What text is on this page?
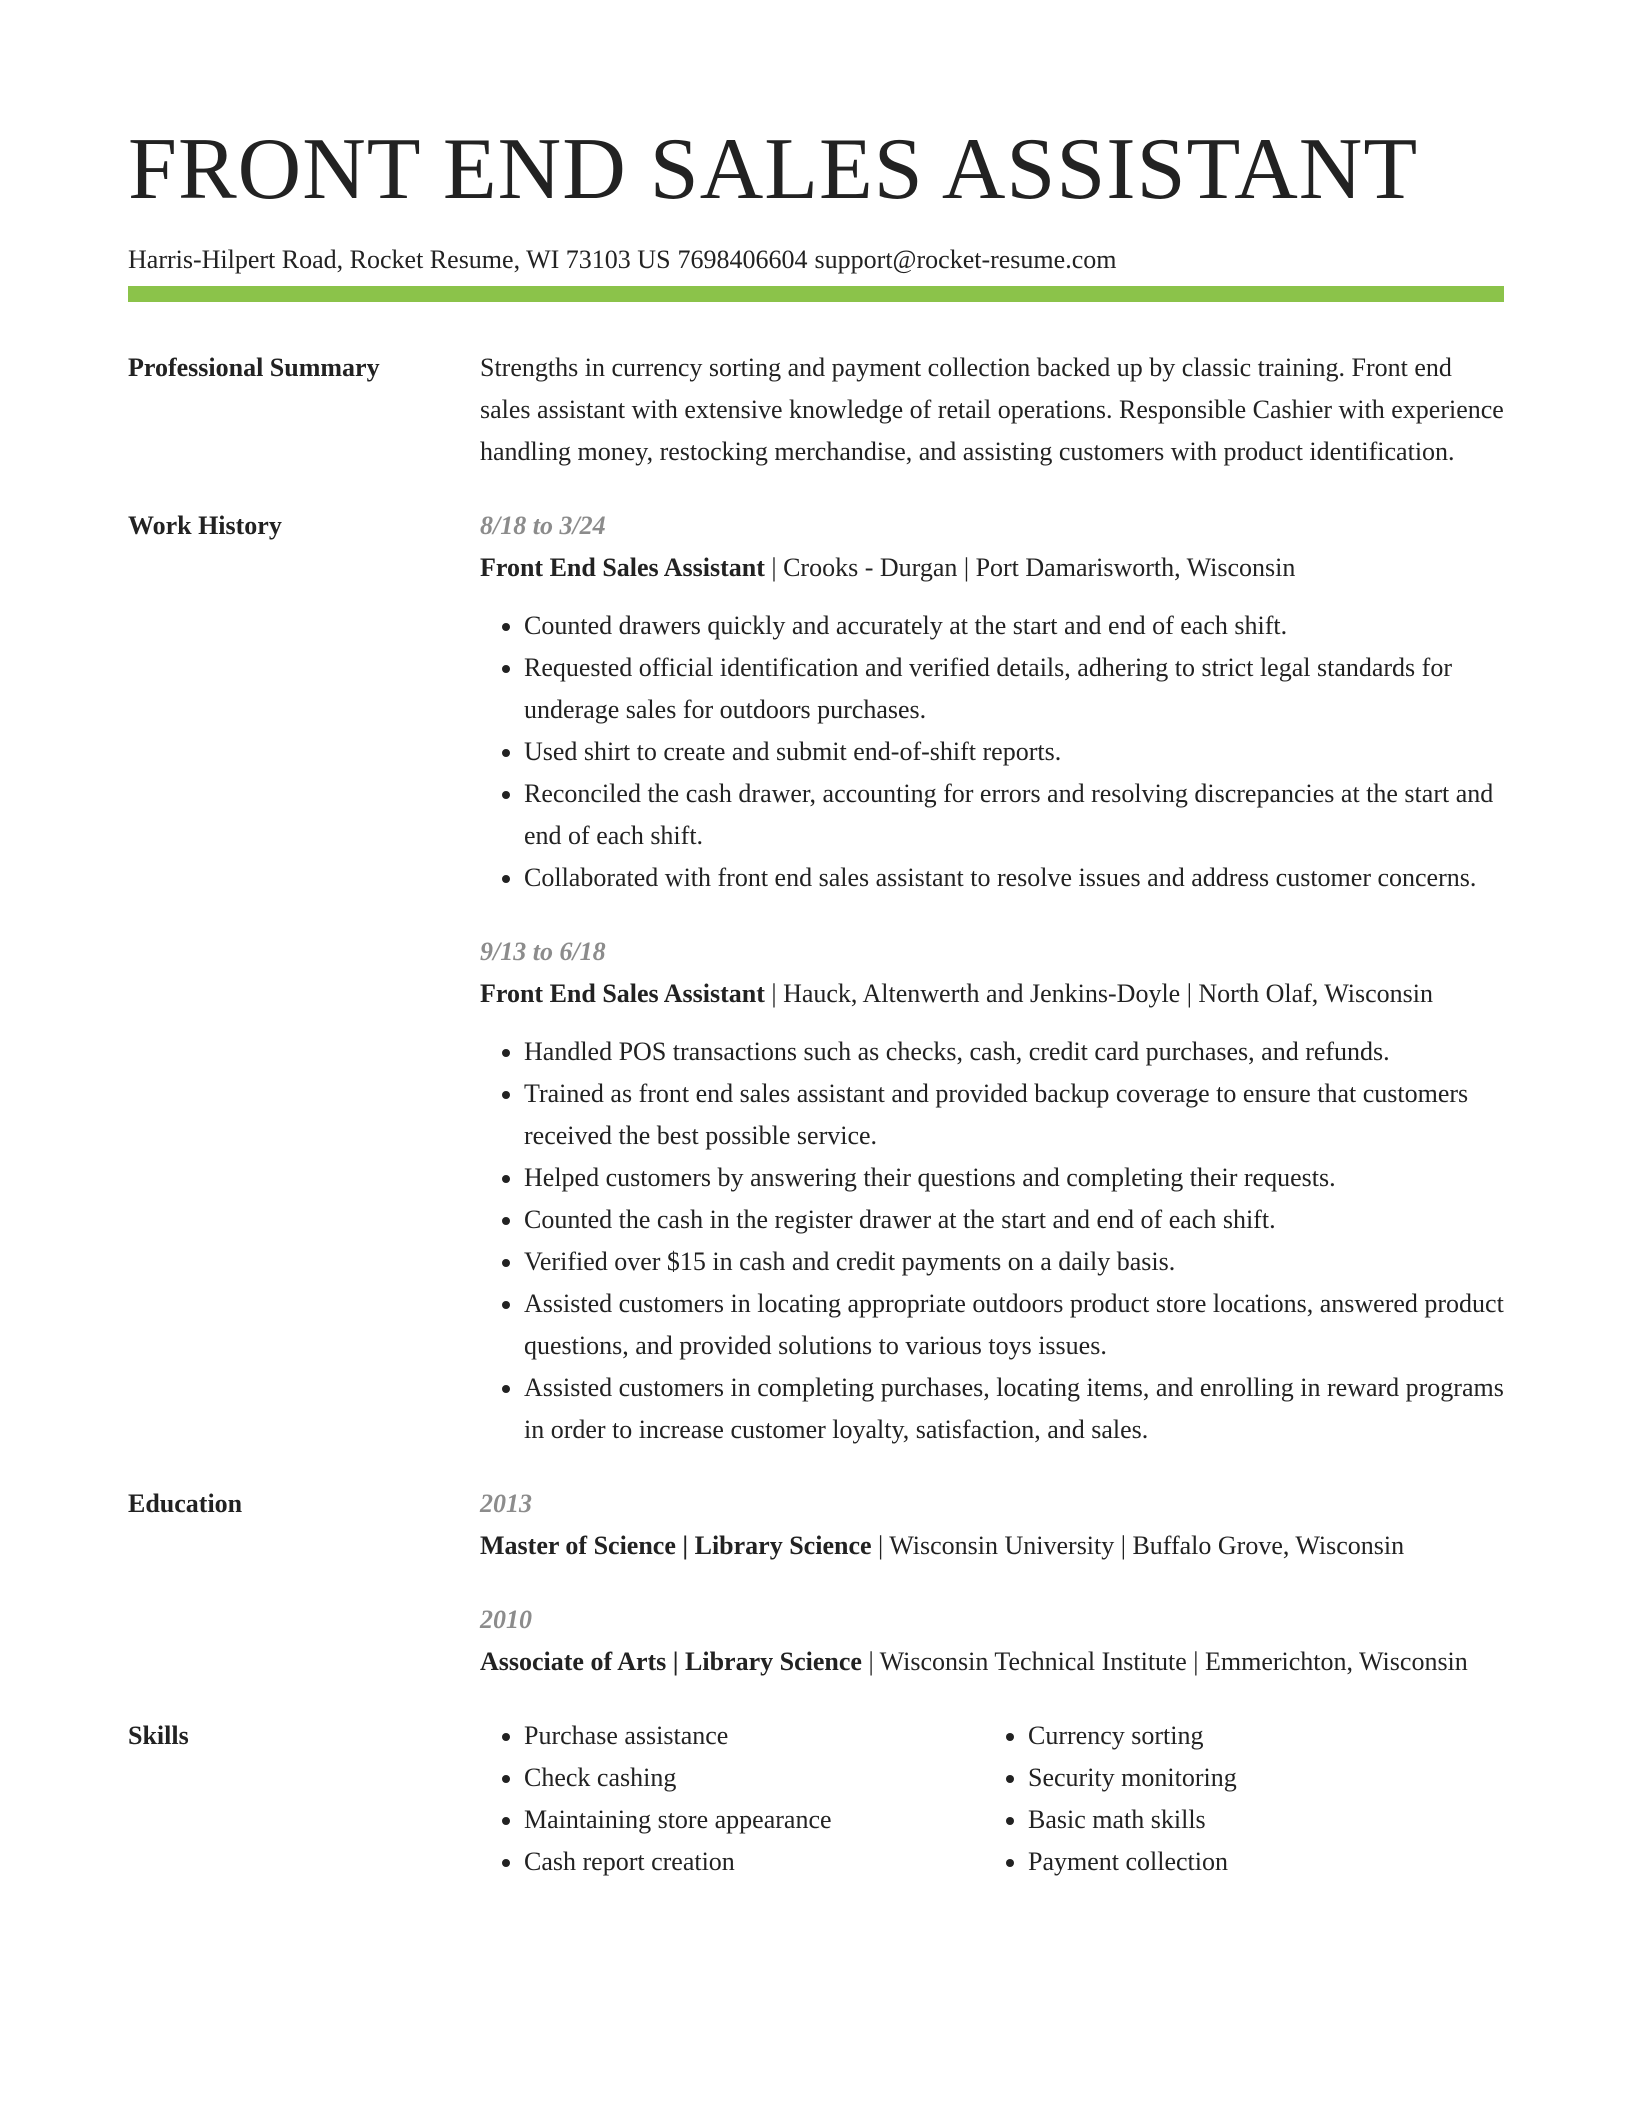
FRONT END SALES ASSISTANT
Harris-Hilpert Road, Rocket Resume, WI 73103 US 7698406604 support@rocket-resume.com
Professional Summary	Strengths in currency sorting and payment collection backed up by classic training. Front end sales assistant with extensive knowledge of retail operations. Responsible Cashier with experience handling money, restocking merchandise, and assisting customers with product identification.
Work History	8/18 to 3/24
Front End Sales Assistant | Crooks - Durgan | Port Damarisworth, Wisconsin
• Counted drawers quickly and accurately at the start and end of each shift.
• Requested official identification and verified details, adhering to strict legal standards for underage sales for outdoors purchases.
• Used shirt to create and submit end-of-shift reports.
• Reconciled the cash drawer, accounting for errors and resolving discrepancies at the start and end of each shift.
• Collaborated with front end sales assistant to resolve issues and address customer concerns.
9/13 to 6/18
Front End Sales Assistant | Hauck, Altenwerth and Jenkins-Doyle | North Olaf, Wisconsin
• Handled POS transactions such as checks, cash, credit card purchases, and refunds.
• Trained as front end sales assistant and provided backup coverage to ensure that customers received the best possible service.
• Helped customers by answering their questions and completing their requests.
• Counted the cash in the register drawer at the start and end of each shift.
• Verified over $15 in cash and credit payments on a daily basis.
• Assisted customers in locating appropriate outdoors product store locations, answered product questions, and provided solutions to various toys issues.
• Assisted customers in completing purchases, locating items, and enrolling in reward programs in order to increase customer loyalty, satisfaction, and sales.
Education	2013
Master of Science | Library Science | Wisconsin University | Buffalo Grove, Wisconsin
2010
Associate of Arts | Library Science | Wisconsin Technical Institute | Emmerichton, Wisconsin
Skills
•	Purchase assistance
• Check cashing
• Maintaining store appearance
• Cash report creation
• Currency sorting
• Security monitoring
• Basic math skills
• Payment collection
